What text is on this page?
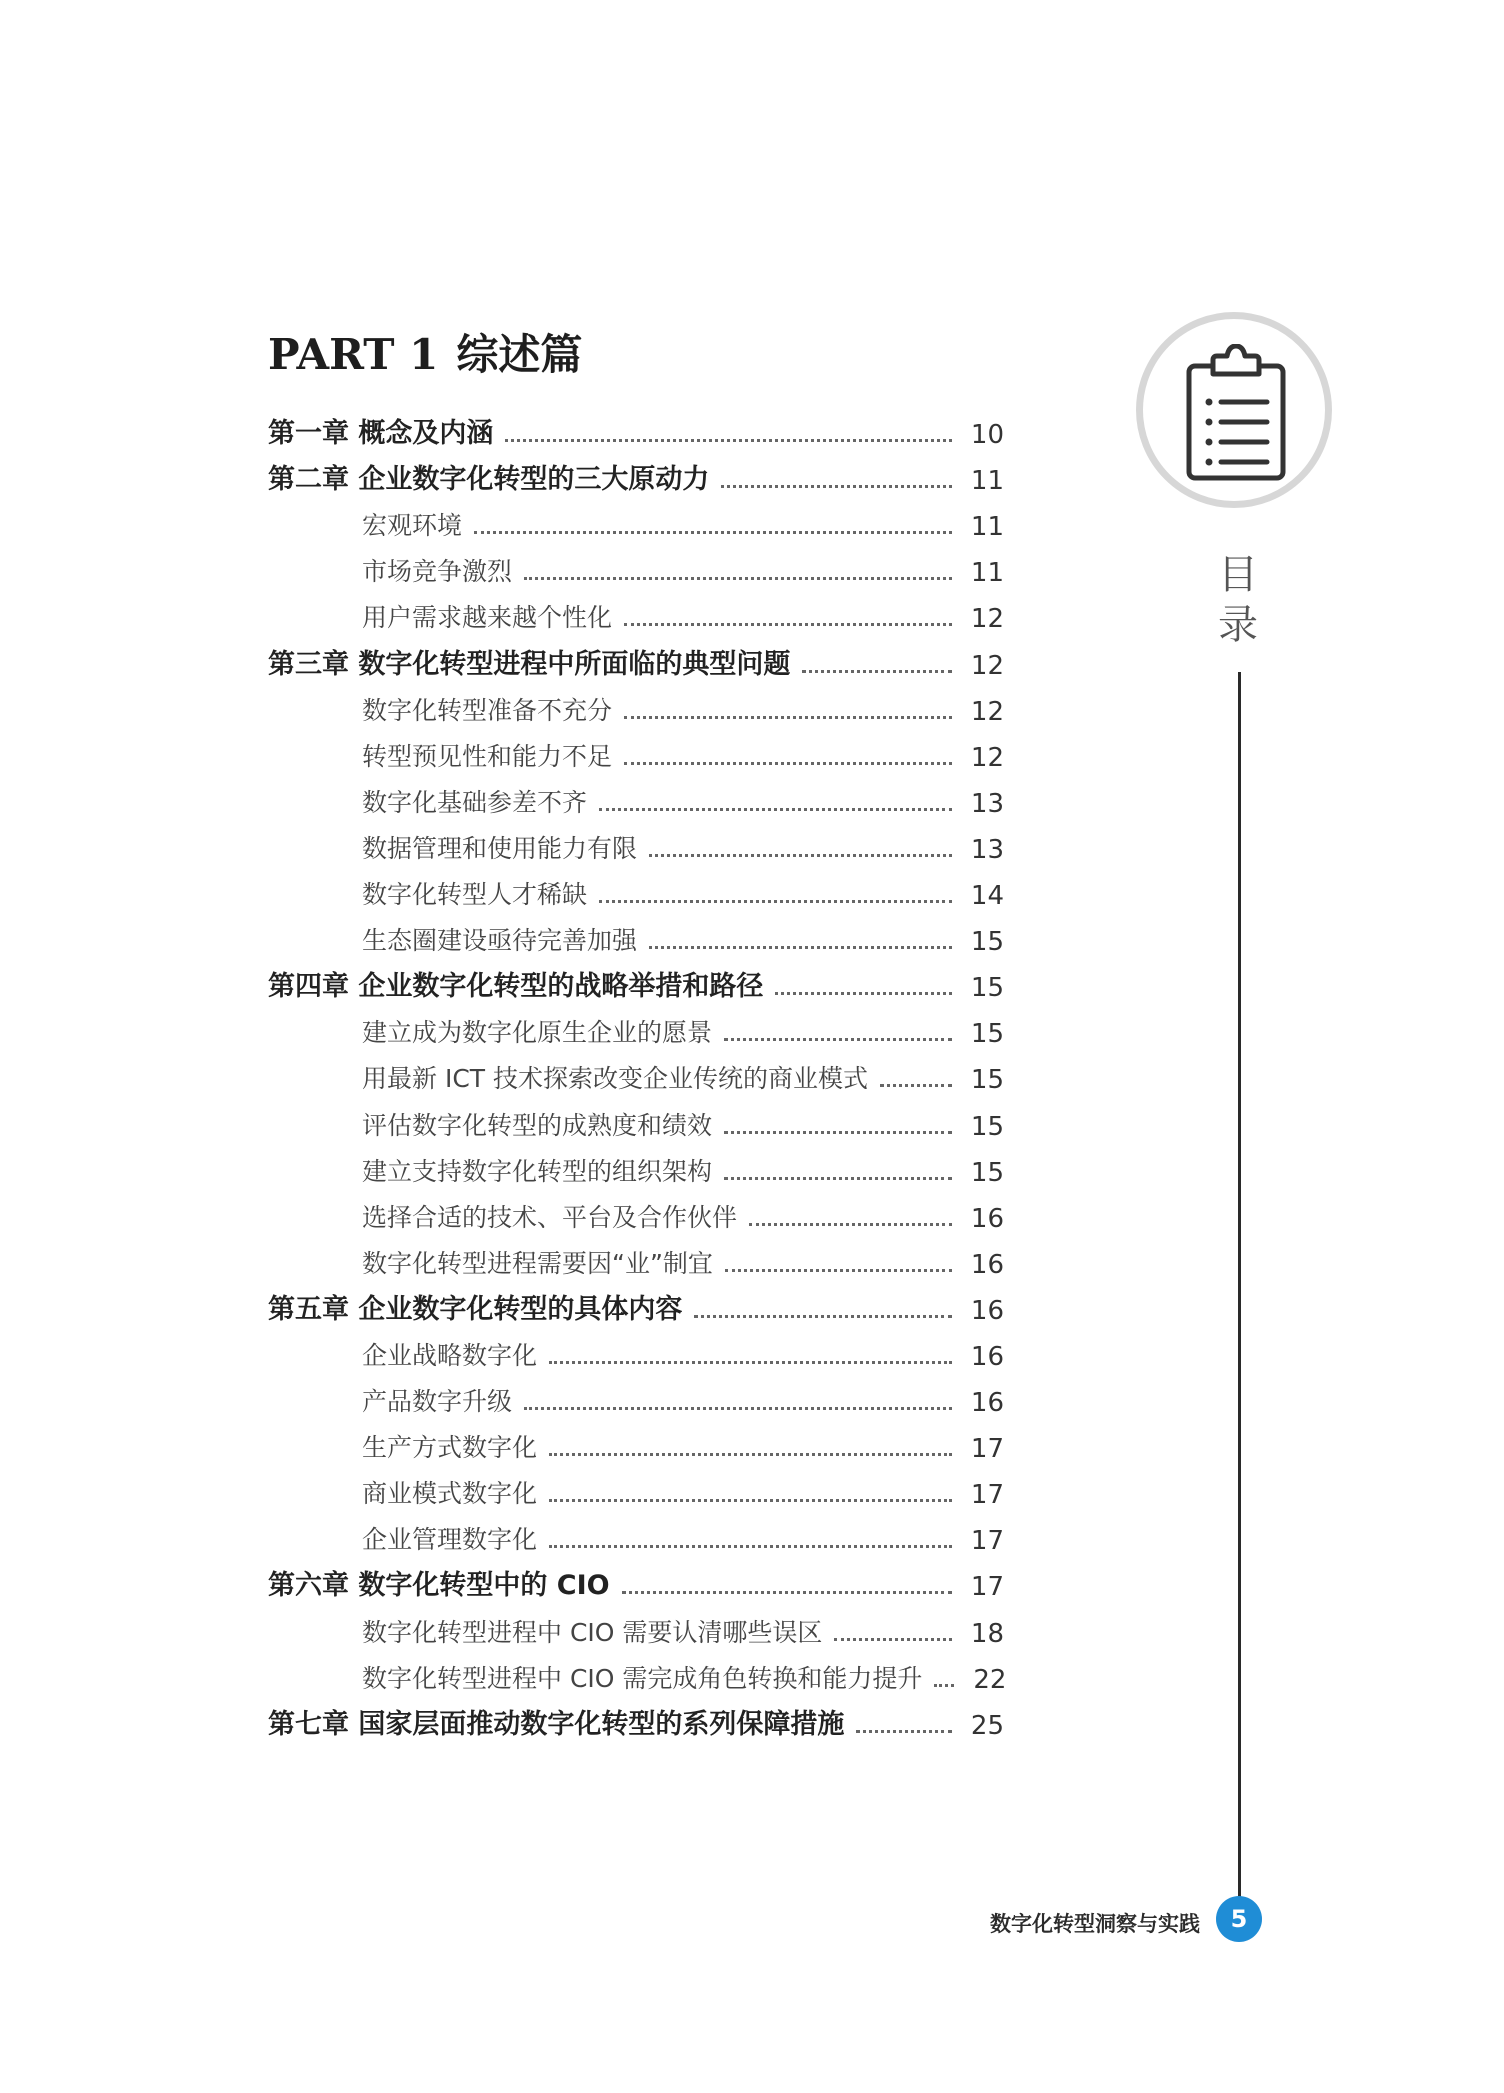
PART 1 综述篇
第一章 概念及内涵	10
第二章 企业数字化转型的三大原动力	11
宏观环境	11
市场竞争激烈	11
用户需求越来越个性化	12
第三章 数字化转型进程中所面临的典型问题	12
数字化转型准备不充分	12
转型预见性和能力不足	12
数字化基础参差不齐	13
数据管理和使用能力有限	13
数字化转型人才稀缺	14
生态圈建设亟待完善加强	15
第四章 企业数字化转型的战略举措和路径	15
建立成为数字化原生企业的愿景	15
用最新 ICT 技术探索改变企业传统的商业模式	15
评估数字化转型的成熟度和绩效	15
建立支持数字化转型的组织架构	15
选择合适的技术、平台及合作伙伴	16
数字化转型进程需要因“业”制宜	16
第五章 企业数字化转型的具体内容	16
企业战略数字化	16
产品数字升级	16
生产方式数字化	17
商业模式数字化	17
企业管理数字化	17
第六章 数字化转型中的 CIO	17
数字化转型进程中 CIO 需要认清哪些误区	18
数字化转型进程中 CIO 需完成角色转换和能力提升 22
第七章 国家层面推动数字化转型的系列保障措施	25
目
录
数字化转型洞察与实践	5
